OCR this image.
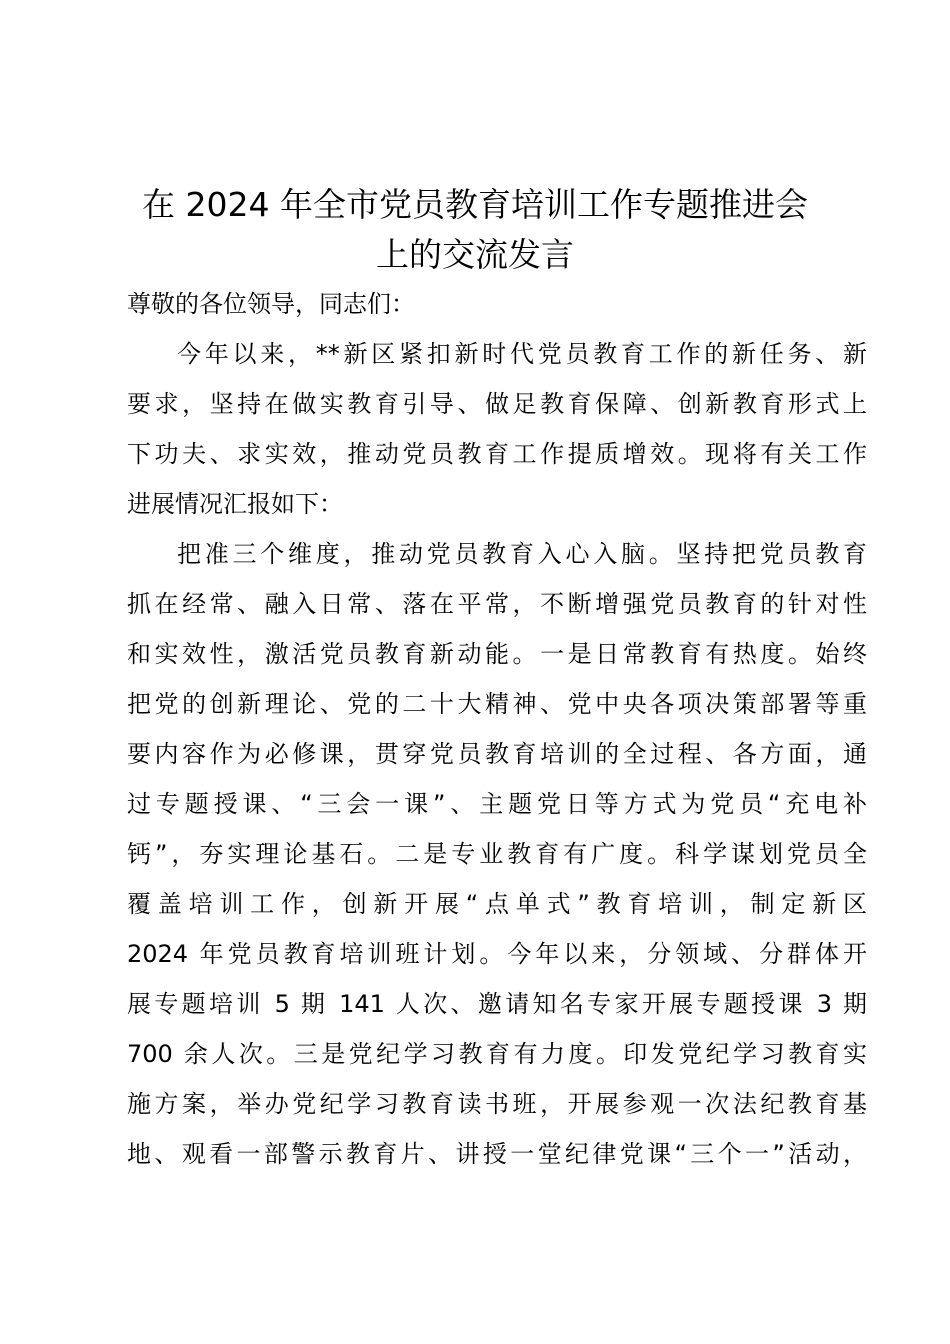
在 2024 年全市党员教育培训工作专题推进会
上的交流发言

尊敬的各位领导，同志们：

今年以来，**新区紧扣新时代党员教育工作的新任务、新

要求，坚持在做实教育引导、做足教育保障、创新教育形式上

下功夫、求实效，推动党员教育工作提质增效。现将有关工作

进展情况汇报如下：

把准三个维度，推动党员教育入心入脑。坚持把党员教育

抓在经常、融入日常、落在平常，不断增强党员教育的针对性

和实效性，激活党员教育新动能。一是日常教育有热度。始终

把党的创新理论、党的二十大精神、党中央各项决策部署等重

要内容作为必修课，贯穿党员教育培训的全过程、各方面，通

过专题授课、“三会一课”、主题党日等方式为党员“充电补

钙”，夯实理论基石。二是专业教育有广度。科学谋划党员全

覆盖培训工作，创新开展“点单式”教育培训，制定新区

2024 年党员教育培训班计划。今年以来，分领域、分群体开

展专题培训 5 期 141 人次、邀请知名专家开展专题授课 3 期

700 余人次。三是党纪学习教育有力度。印发党纪学习教育实

施方案，举办党纪学习教育读书班，开展参观一次法纪教育基

地、观看一部警示教育片、讲授一堂纪律党课“三个一”活动，
